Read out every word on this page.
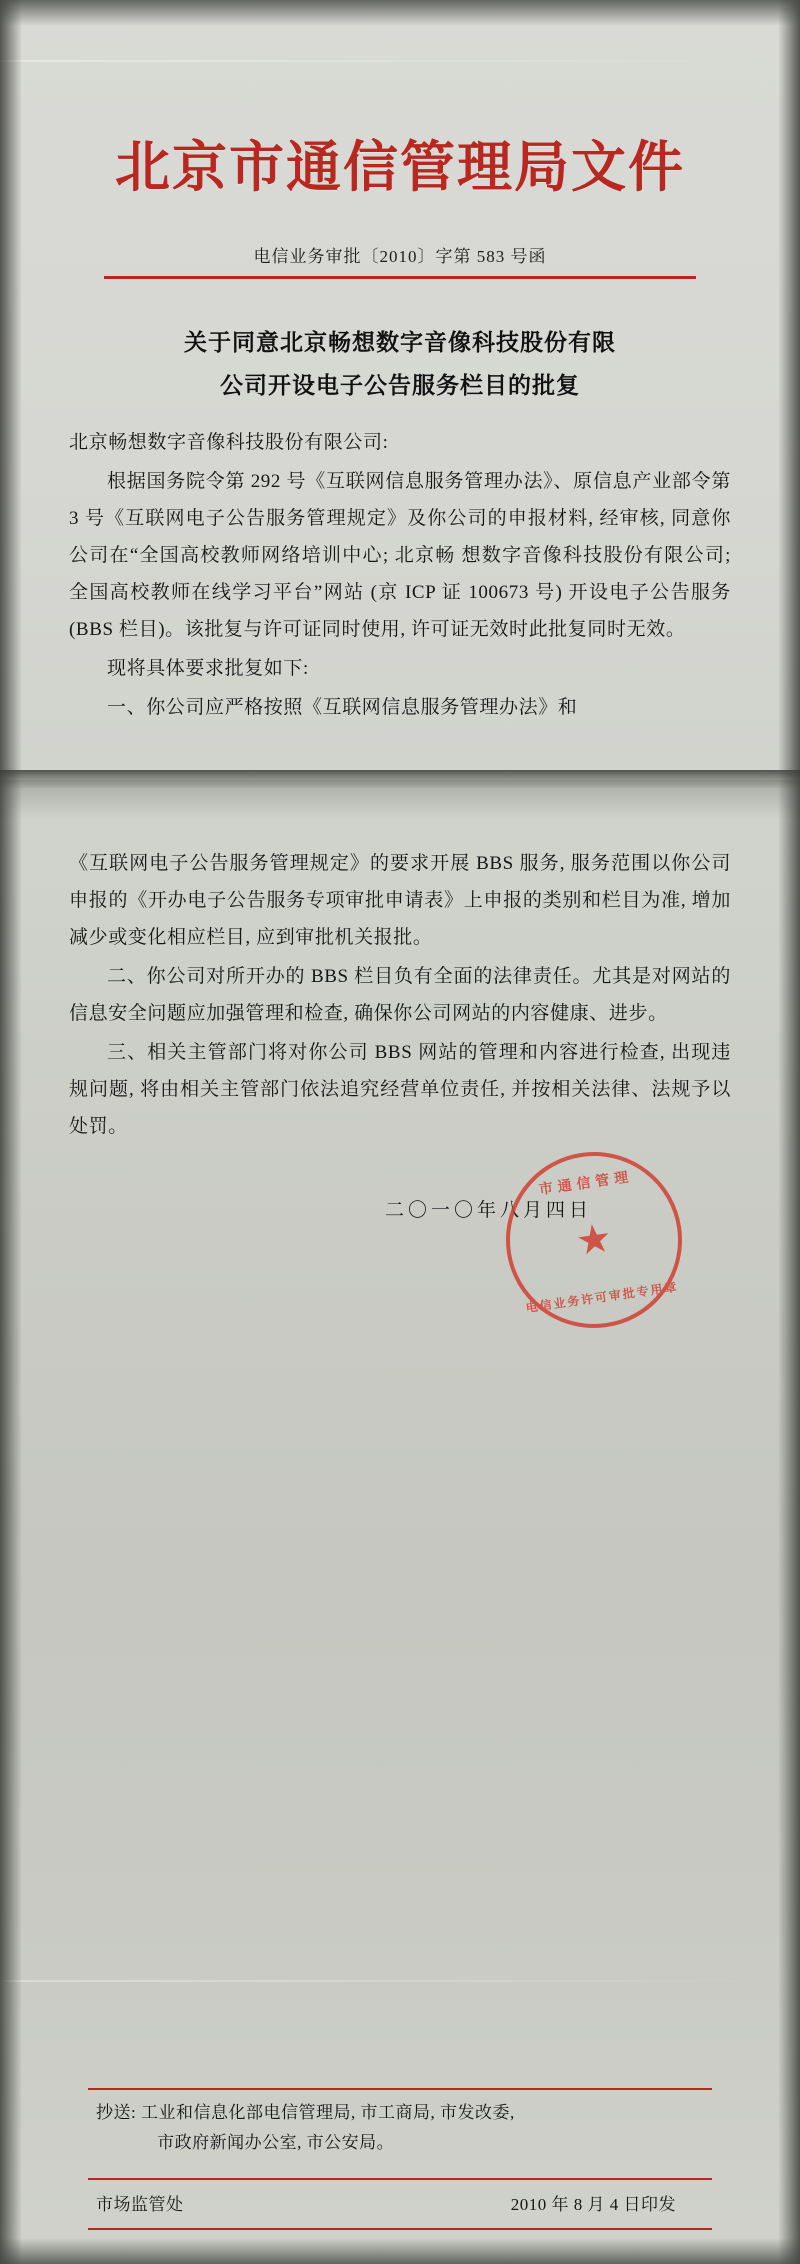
北京市通信管理局文件
电信业务审批〔2010〕字第 583 号函
关于同意北京畅想数字音像科技股份有限
公司开设电子公告服务栏目的批复

北京畅想数字音像科技股份有限公司:

根据国务院令第 292 号《互联网信息服务管理办法》、原信息产业部令第 3 号《互联网电子公告服务管理规定》及你公司的申报材料, 经审核, 同意你公司在“全国高校教师网络培训中心; 北京畅 想数字音像科技股份有限公司; 全国高校教师在线学习平台”网站 (京 ICP 证 100673 号) 开设电子公告服务(BBS 栏目)。该批复与许可证同时使用, 许可证无效时此批复同时无效。

现将具体要求批复如下:

一、你公司应严格按照《互联网信息服务管理办法》和

《互联网电子公告服务管理规定》的要求开展 BBS 服务, 服务范围以你公司申报的《开办电子公告服务专项审批申请表》上申报的类别和栏目为准, 增加减少或变化相应栏目, 应到审批机关报批。

二、你公司对所开办的 BBS 栏目负有全面的法律责任。尤其是对网站的信息安全问题应加强管理和检查, 确保你公司网站的内容健康、进步。

三、相关主管部门将对你公司 BBS 网站的管理和内容进行检查, 出现违规问题, 将由相关主管部门依法追究经营单位责任, 并按相关法律、法规予以处罚。

二〇一〇年八月四日
市通信管理
★
电信业务许可审批专用章
抄送: 工业和信息化部电信管理局, 市工商局, 市发改委,
市政府新闻办公室, 市公安局。
市场监管处	2010 年 8 月 4 日印发
